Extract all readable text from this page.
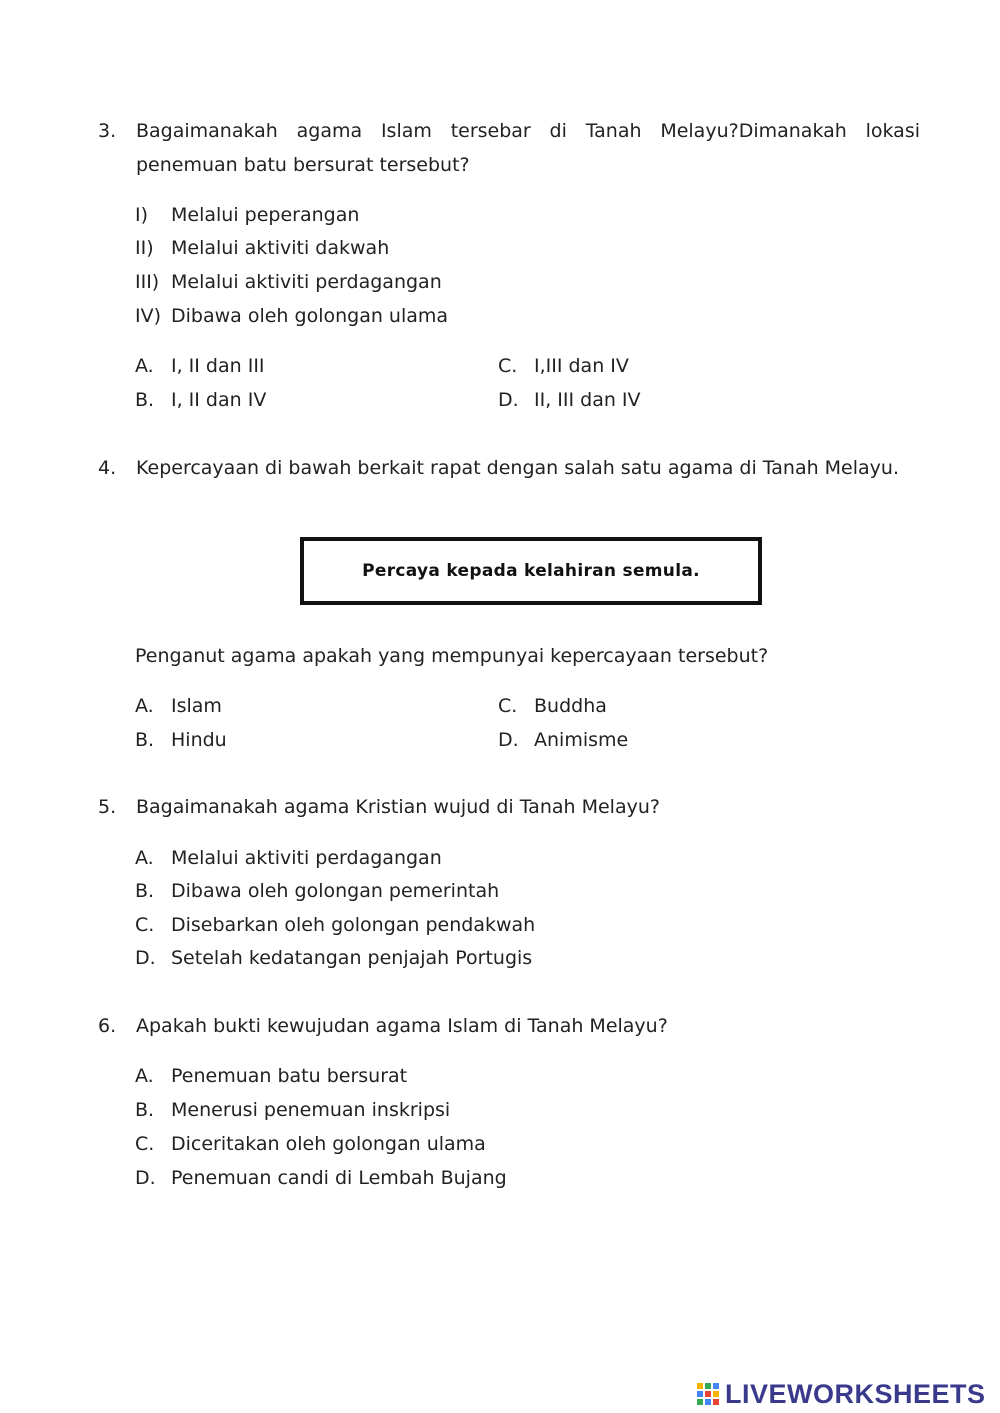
3. Bagaimanakah agama Islam tersebar di Tanah Melayu?Dimanakah lokasi penemuan batu bersurat tersebut?
I) Melalui peperangan
II) Melalui aktiviti dakwah
III) Melalui aktiviti perdagangan
IV) Dibawa oleh golongan ulama
A. I, II dan III
B. I, II dan IV
C. I,III dan IV
D. II, III dan IV
4. Kepercayaan di bawah berkait rapat dengan salah satu agama di Tanah Melayu.
Percaya kepada kelahiran semula.
Penganut agama apakah yang mempunyai kepercayaan tersebut?
A. Islam
B. Hindu
C. Buddha
D. Animisme
5. Bagaimanakah agama Kristian wujud di Tanah Melayu?
A. Melalui aktiviti perdagangan
B. Dibawa oleh golongan pemerintah
C. Disebarkan oleh golongan pendakwah
D. Setelah kedatangan penjajah Portugis
6. Apakah bukti kewujudan agama Islam di Tanah Melayu?
A. Penemuan batu bersurat
B. Menerusi penemuan inskripsi
C. Diceritakan oleh golongan ulama
D. Penemuan candi di Lembah Bujang
LIVEWORKSHEETS
